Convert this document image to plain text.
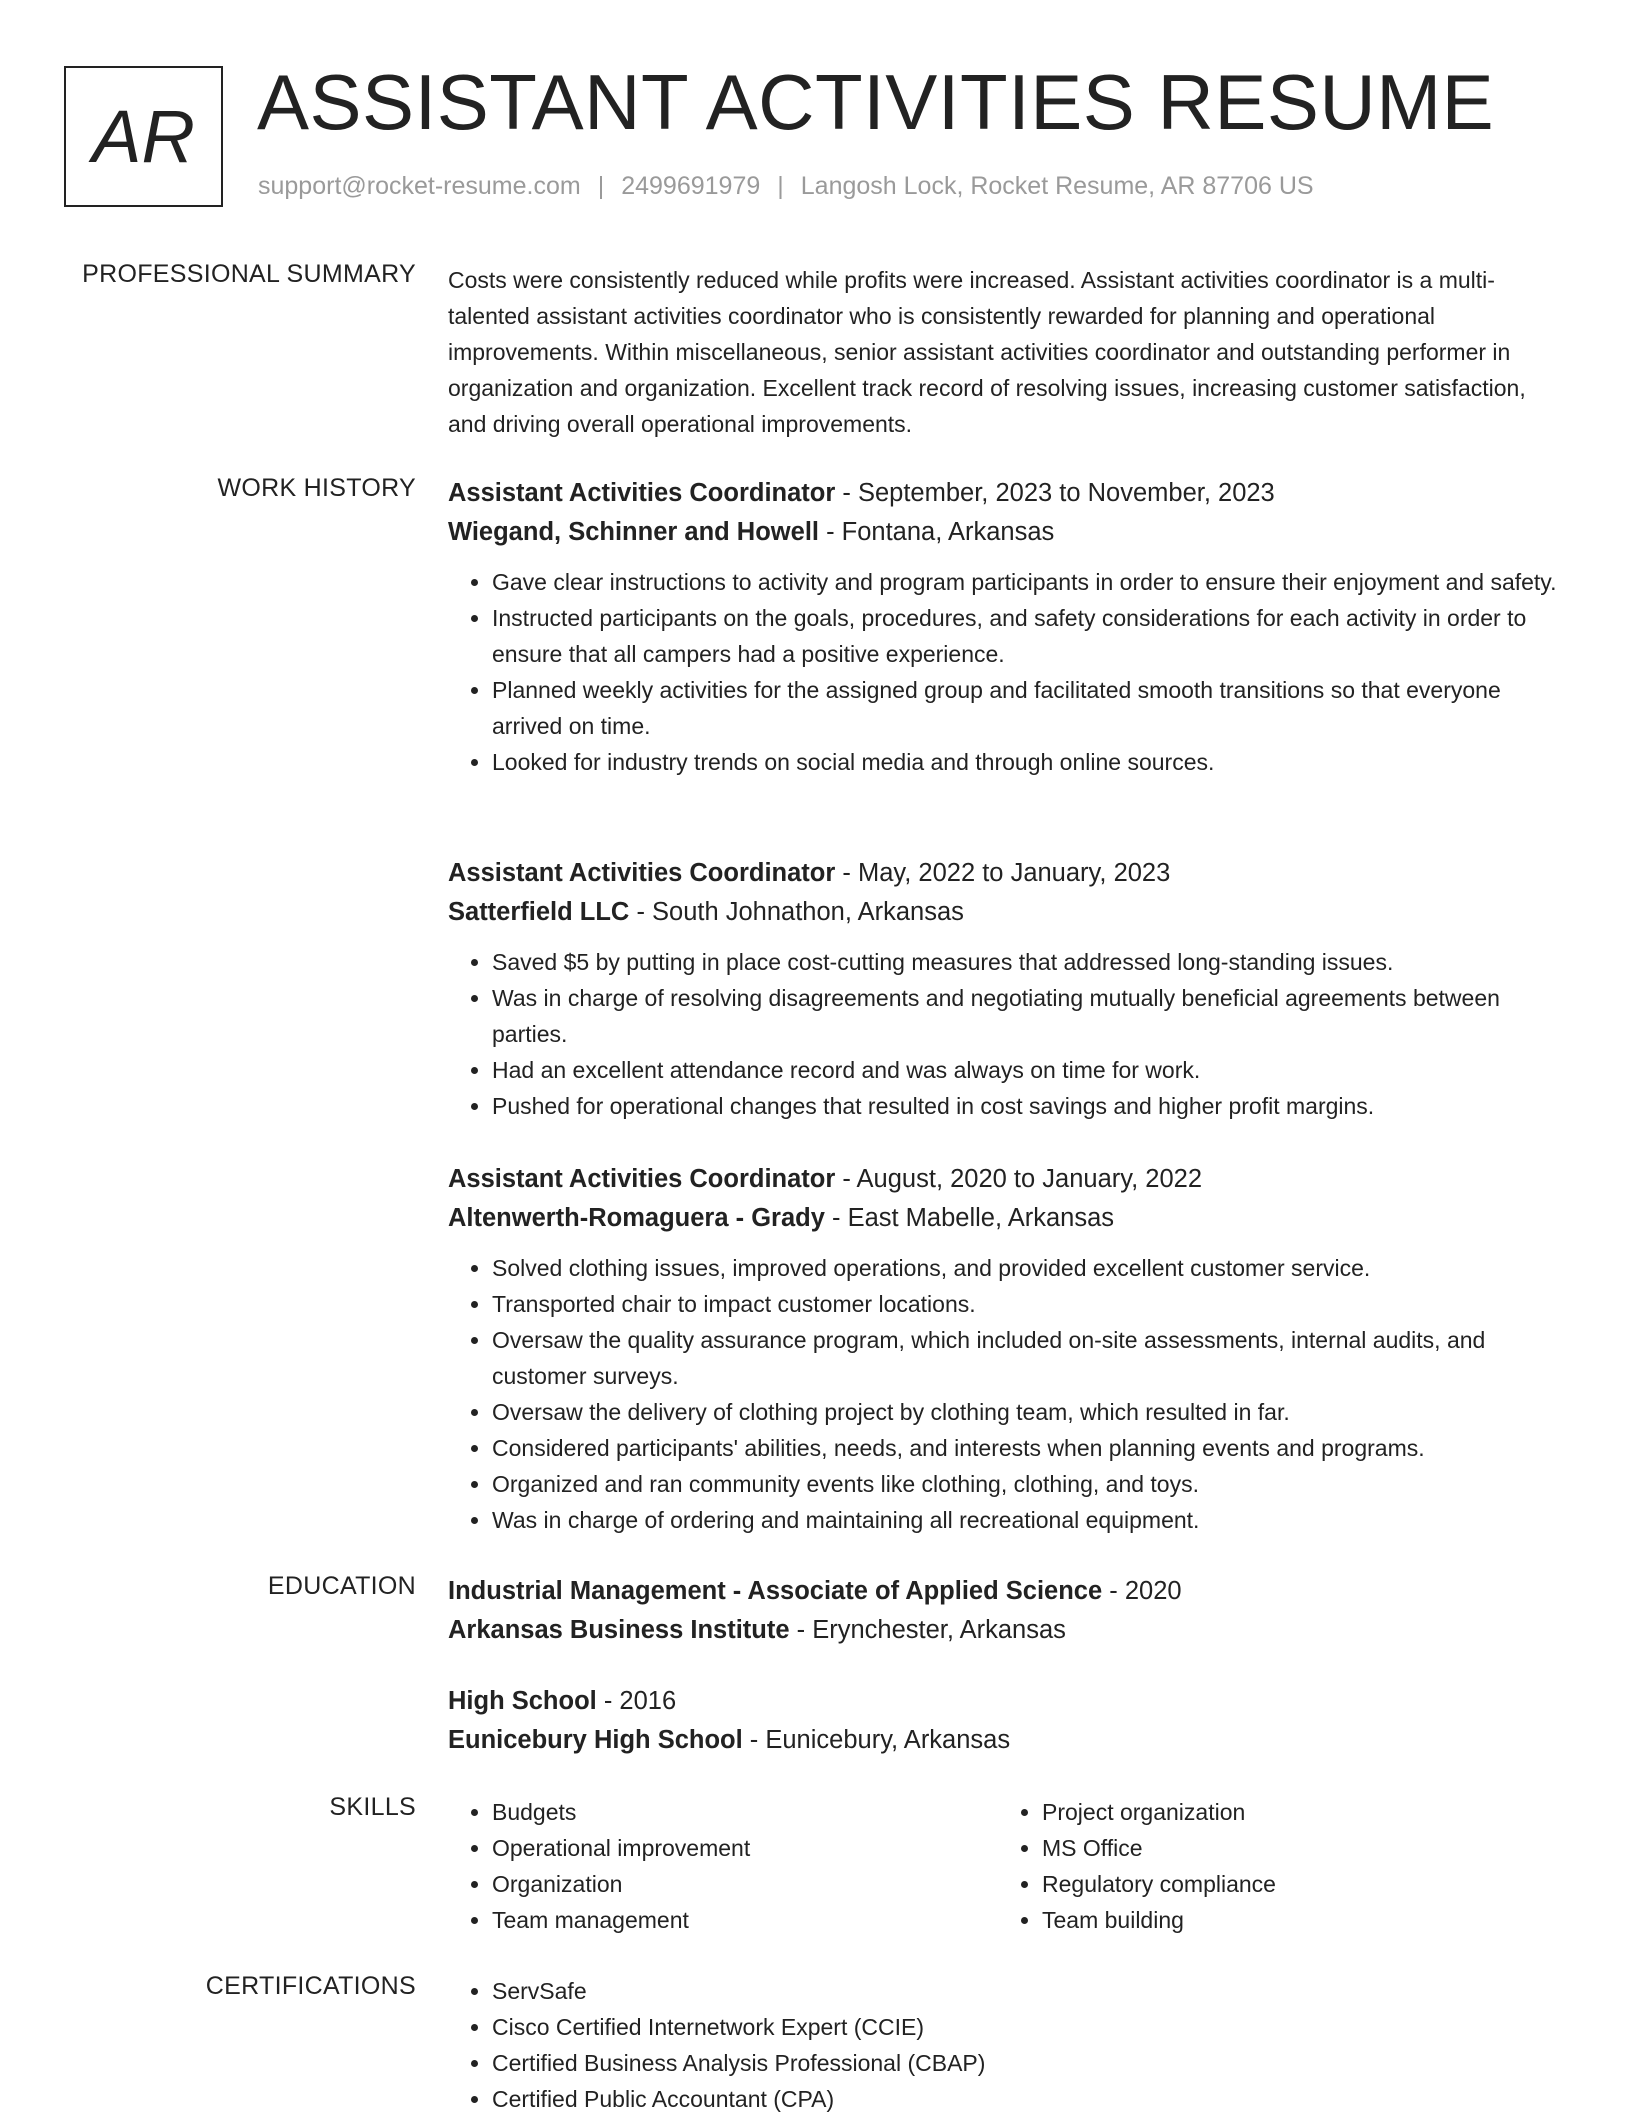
AR ASSISTANT ACTIVITIES RESUME
support@rocket-resume.com | 2499691979 | Langosh Lock, Rocket Resume, AR 87706 US
PROFESSIONAL SUMMARY Costs were consistently reduced while profits were increased. Assistant activities coordinator is a multi-talented assistant activities coordinator who is consistently rewarded for planning and operational improvements. Within miscellaneous, senior assistant activities coordinator and outstanding performer in organization and organization. Excellent track record of resolving issues, increasing customer satisfaction, and driving overall operational improvements.
WORK HISTORY Assistant Activities Coordinator - September, 2023 to November, 2023
Wiegand, Schinner and Howell - Fontana, Arkansas
• Gave clear instructions to activity and program participants in order to ensure their enjoyment and safety.
• Instructed participants on the goals, procedures, and safety considerations for each activity in order to ensure that all campers had a positive experience.
• Planned weekly activities for the assigned group and facilitated smooth transitions so that everyone arrived on time.
• Looked for industry trends on social media and through online sources.
Assistant Activities Coordinator - May, 2022 to January, 2023
Satterfield LLC - South Johnathon, Arkansas
• Saved $5 by putting in place cost-cutting measures that addressed long-standing issues.
• Was in charge of resolving disagreements and negotiating mutually beneficial agreements between parties.
• Had an excellent attendance record and was always on time for work.
• Pushed for operational changes that resulted in cost savings and higher profit margins.
Assistant Activities Coordinator - August, 2020 to January, 2022
Altenwerth-Romaguera - Grady - East Mabelle, Arkansas
• Solved clothing issues, improved operations, and provided excellent customer service.
• Transported chair to impact customer locations.
• Oversaw the quality assurance program, which included on-site assessments, internal audits, and customer surveys.
• Oversaw the delivery of clothing project by clothing team, which resulted in far.
• Considered participants' abilities, needs, and interests when planning events and programs.
• Organized and ran community events like clothing, clothing, and toys.
• Was in charge of ordering and maintaining all recreational equipment.
EDUCATION Industrial Management - Associate of Applied Science - 2020
Arkansas Business Institute - Erynchester, Arkansas
High School - 2016
Eunicebury High School - Eunicebury, Arkansas
SKILLS	• Budgets
• Operational improvement
• Organization
• Team management
• Project organization
• MS Office
• Regulatory compliance
• Team building
CERTIFICATIONS	• ServSafe
• Cisco Certified Internetwork Expert (CCIE)
• Certified Business Analysis Professional (CBAP)
• Certified Public Accountant (CPA)
